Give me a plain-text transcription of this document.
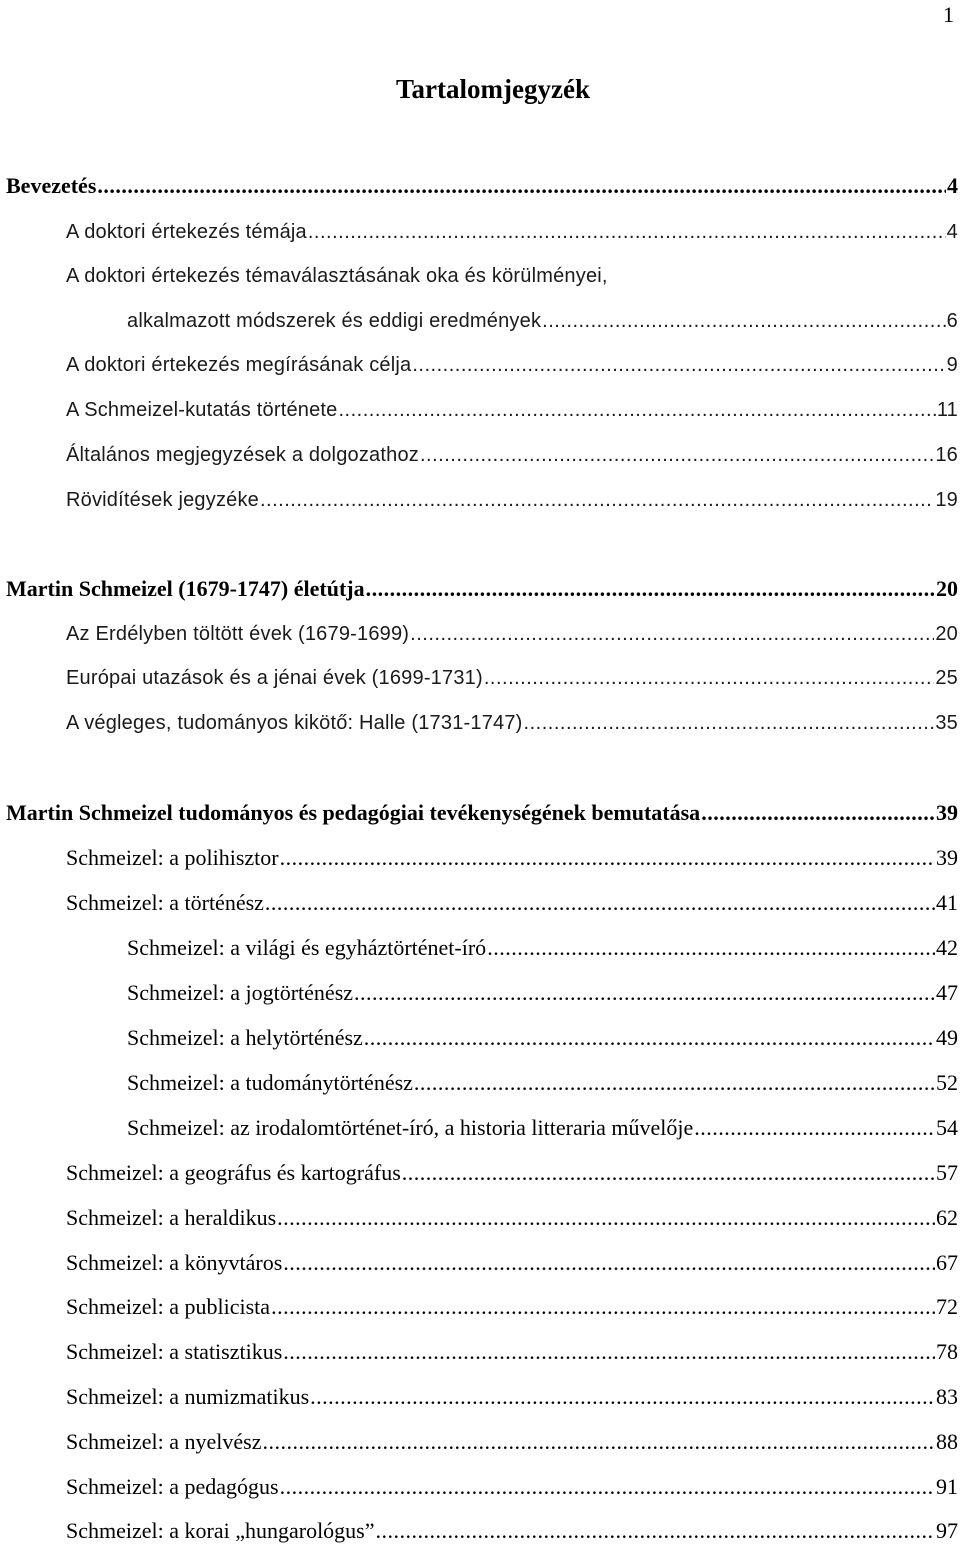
1
Tartalomjegyzék
Bevezetés .....	4
A doktori értekezés témája .....	4
A doktori értekezés témaválasztásának oka és körülményei,
alkalmazott módszerek és eddigi eredmények .....	6
A doktori értekezés megírásának célja .....	9
A Schmeizel-kutatás története .....	11
Általános megjegyzések a dolgozathoz .....	16
Rövidítések jegyzéke .....	19
Martin Schmeizel (1679-1747) életútja .....	20
Az Erdélyben töltött évek (1679-1699) .....	20
Európai utazások és a jénai évek (1699-1731) .....	25
A végleges, tudományos kikötő: Halle (1731-1747) .....	35
Martin Schmeizel tudományos és pedagógiai tevékenységének bemutatása .....	39
Schmeizel: a polihisztor .....	39
Schmeizel: a történész .....	41
Schmeizel: a világi és egyháztörténet-író .....	42
Schmeizel: a jogtörténész .....	47
Schmeizel: a helytörténész .....	49
Schmeizel: a tudománytörténész .....	52
Schmeizel: az irodalomtörténet-író, a historia litteraria művelője .....	54
Schmeizel: a geográfus és kartográfus .....	57
Schmeizel: a heraldikus .....	62
Schmeizel: a könyvtáros .....	67
Schmeizel: a publicista .....	72
Schmeizel: a statisztikus .....	78
Schmeizel: a numizmatikus .....	83
Schmeizel: a nyelvész .....	88
Schmeizel: a pedagógus .....	91
Schmeizel: a korai „hungarológus” .....	97
